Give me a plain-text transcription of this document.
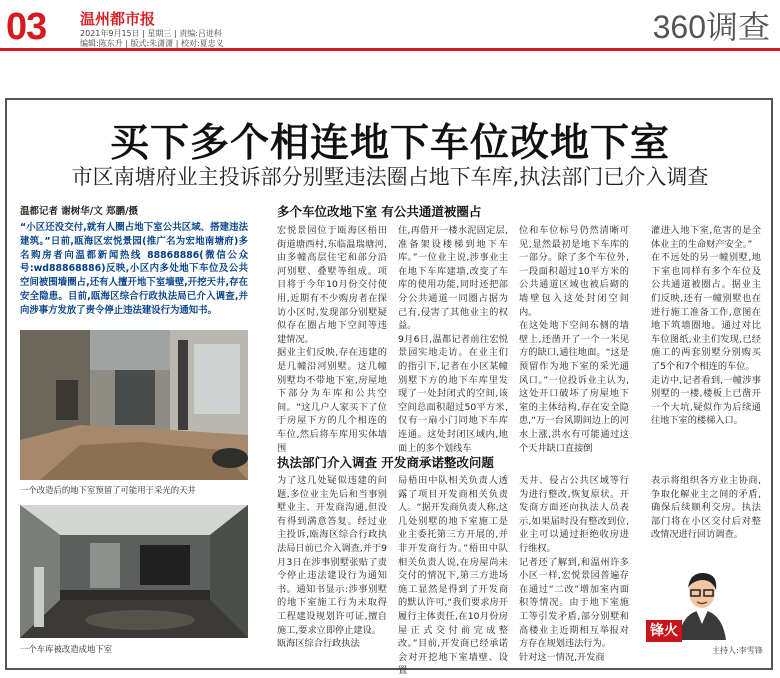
03 温州都市报
2021年9月15日 | 星期三 | 责编:吕进科
编辑:陈东升 | 版式:朱潇潇 | 校对:夏忠义	360调查
买下多个相连地下车位改地下室
市区南塘府业主投诉部分别墅违法圈占地下车库,执法部门已介入调查
温都记者 谢树华/文 郑鹏/摄
“小区还没交付,就有人圈占地下室公共区域、搭建违法建筑。”日前,瓯海区宏悦景园(推广名为宏地南塘府)多名购房者向温都新闻热线 88868886(微信公众号:wd88868886)反映,小区内多处地下车位及公共空间被围墙圈占,还有人擅开地下室墙壁,开挖天井,存在安全隐患。目前,瓯海区综合行政执法局已介入调查,并向涉事方发放了责令停止违法建设行为通知书。
一个改造后的地下室预留了可能用于采光的天井
一个车库被改造成地下室
多个车位改地下室 有公共通道被圈占
宏悦景园位于瓯海区梧田街道塘西村,东临温瑞塘河,由多幢高层住宅和部分沿河别墅、叠墅等组成。项目将于今年10月份交付使用,近期有不少购房者在探访小区时,发现部分别墅疑似存在圈占地下空间等违建情况。
据业主们反映,存在违建的是几幢沿河别墅。这几幢别墅均不带地下室,房屋地下部分为车库和公共空间。“这几户人家买下了位于房屋下方的几个相连的车位,然后将车库用实体墙围
住,再借开一楼水泥固定层,准备架设楼梯到地下车库。”一位业主说,涉事业主在地下车库建墙,改变了车库的使用功能,同时还把部分公共通道一同圈占据为己有,侵害了其他业主的权益。
9月6日,温都记者前往宏悦景园实地走访。在业主们的指引下,记者在小区某幢别墅下方的地下车库里发现了一处封闭式的空间,该空间总面积超过50平方米,仅有一扇小门同地下车库连通。这处封闭区域内,地面上的多个划线车
位和车位标号仍然清晰可见,显然最初是地下车库的一部分。除了多个车位外,一段面积超过10平方米的公共通道区域也被后砌的墙壁包入这处封闭空间内。
在这处地下空间东侧的墙壁上,还凿开了一个一米见方的缺口,通往地面。“这是预留作为地下室的采光通风口。”一位投诉业主认为,这处开口破坏了房屋地下室的主体结构,存在安全隐患,“万一台风期间边上的河水上涨,洪水有可能通过这个天井缺口直接倒
灌进入地下室,危害的是全体业主的生命财产安全。”
在不远处的另一幢别墅,地下室也同样有多个车位及公共通道被圈占。据业主们反映,还有一幢别墅也在进行施工准备工作,意图在地下筑墙圈地。通过对比车位图纸,业主们发现,已经施工的两套别墅分别购买了5个和7个相连的车位。
走访中,记者看到,一幢涉事别墅的一楼,楼板上已凿开一个大坑,疑似作为后续通往地下室的楼梯入口。
执法部门介入调查 开发商承诺整改问题
为了这几处疑似违建的问题,多位业主先后和当事别墅业主、开发商沟通,但没有得到满意答复。经过业主投诉,瓯海区综合行政执法局日前已介入调查,并于9月3日在涉事别墅张贴了责令停止违法建设行为通知书。通知书显示:涉事别墅的地下室施工行为未取得工程建设规划许可证,擅自施工,要求立即停止建设。
瓯海区综合行政执法
局梧田中队相关负责人透露了项目开发商相关负责人。“据开发商负责人称,这几处别墅的地下室施工是业主委托第三方开展的,并非开发商行为。”梧田中队相关负责人说,在房屋尚未交付的情况下,第三方进场施工显然是得到了开发商的默认许可,“我们要求房开履行主体责任,在10月份房屋正式交付前完成整改。”目前,开发商已经承诺会对开挖地下室墙壁、设置
天井、侵占公共区域等行为进行整改,恢复原状。开发商方面还向执法人员表示,如果届时没有整改到位,业主可以通过拒绝收房进行维权。
记者还了解到,和温州许多小区一样,宏悦景园普遍存在通过“二改”增加室内面积等情况。由于地下室施工等引发矛盾,部分别墅和高楼业主近期相互举报对方存在规划违法行为。
针对这一情况,开发商
表示将组织各方业主协商,争取化解业主之间的矛盾,确保后续顺利交房。执法部门将在小区交付后对整改情况进行回访调查。
锋火台	主持人:李雪锋
